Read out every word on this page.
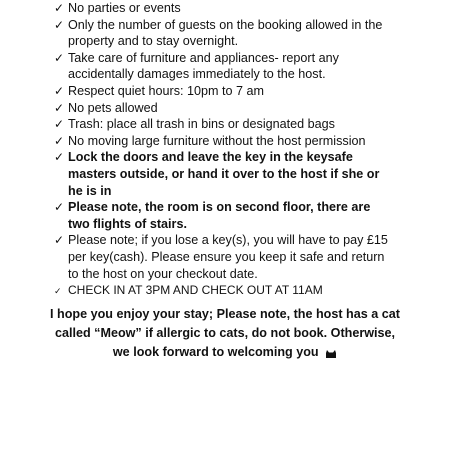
✓ No parties or events
✓ Only the number of guests on the booking allowed in the property and to stay overnight.
✓ Take care of furniture and appliances- report any accidentally damages immediately to the host.
✓ Respect quiet hours: 10pm to 7 am
✓ No pets allowed
✓ Trash: place all trash in bins or designated bags
✓ No moving large furniture without the host permission
✓ Lock the doors and leave the key in the keysafe masters outside, or hand it over to the host if she or he is in
✓ Please note, the room is on second floor, there are two flights of stairs.
✓ Please note; if you lose a key(s), you will have to pay £15 per key(cash). Please ensure you keep it safe and return to the host on your checkout date.
✓ CHECK IN AT 3PM AND CHECK OUT AT 11AM
I hope you enjoy your stay; Please note, the host has a cat
called “Meow” if allergic to cats, do not book. Otherwise,
we look forward to welcoming you
